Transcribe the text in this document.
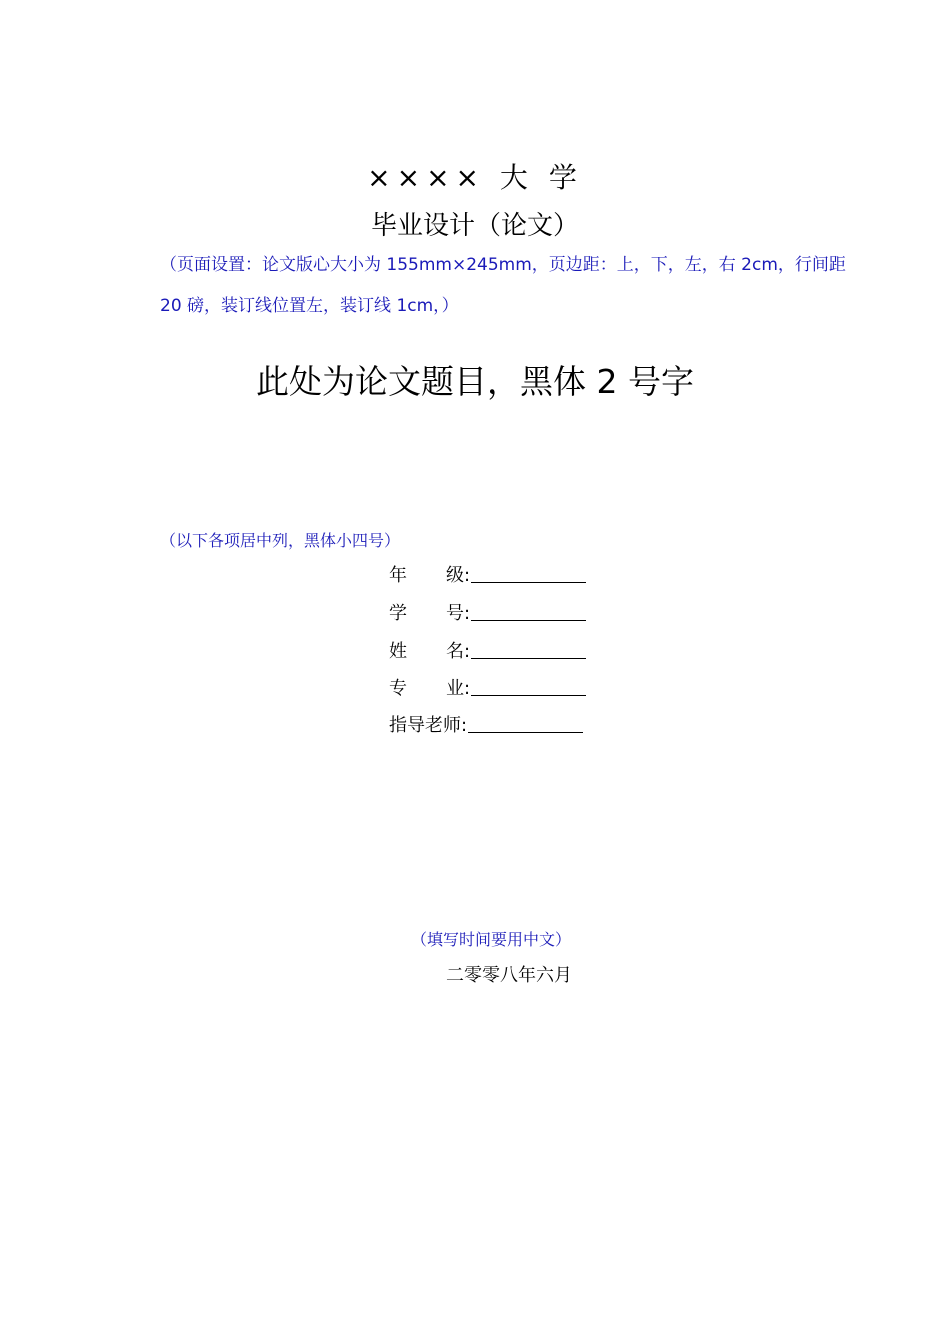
×××× 大 学
毕业设计（论文）
（页面设置：论文版心大小为 155mm×245mm，页边距：上，下，左，右 2cm，行间距
20 磅，装订线位置左，装订线 1cm，）
此处为论文题目，黑体 2 号字
（以下各项居中列，黑体小四号）
年	级:
学	号:
姓	名:
专	业:
指导老师:
（填写时间要用中文）
二零零八年六月
